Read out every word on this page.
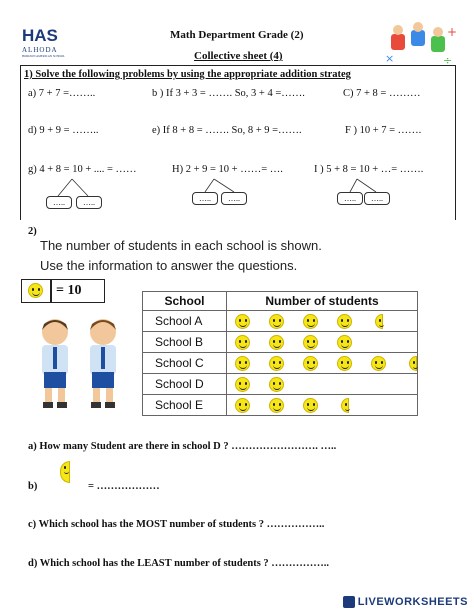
HAS
ALHODA
HORIZON AMERICAN SCHOOL
Math Department Grade (2)
Collective sheet (4)
+
×	÷
1) Solve the following problems by using the appropriate addition strateg
a) 7 + 7 =……..	b ) If 3 + 3 = ……. So, 3 + 4 =…….	C) 7 + 8 = ………
d) 9 + 9 = ……..	e) If 8 + 8 = ……. So, 8 + 9 =…….	F ) 10 + 7 = …….
g) 4 + 8 = 10 + .... = ……	H) 2 + 9 = 10 + ……= ….	I ) 5 + 8 = 10 + …= …….
…..	…..	…..	…..	…..	…..
2)
The number of students in each school is shown.
Use the information to answer the questions.
= 10
School	Number of students
School A	

School B	

School C	

School D	

School E	
a) How many Student are there in school D ? ……………………. …..
b)	= ………………
c) Which school has the MOST number of students ? ……………..
d) Which school has the LEAST number of students ? ……………..
LIVEWORKSHEETS
